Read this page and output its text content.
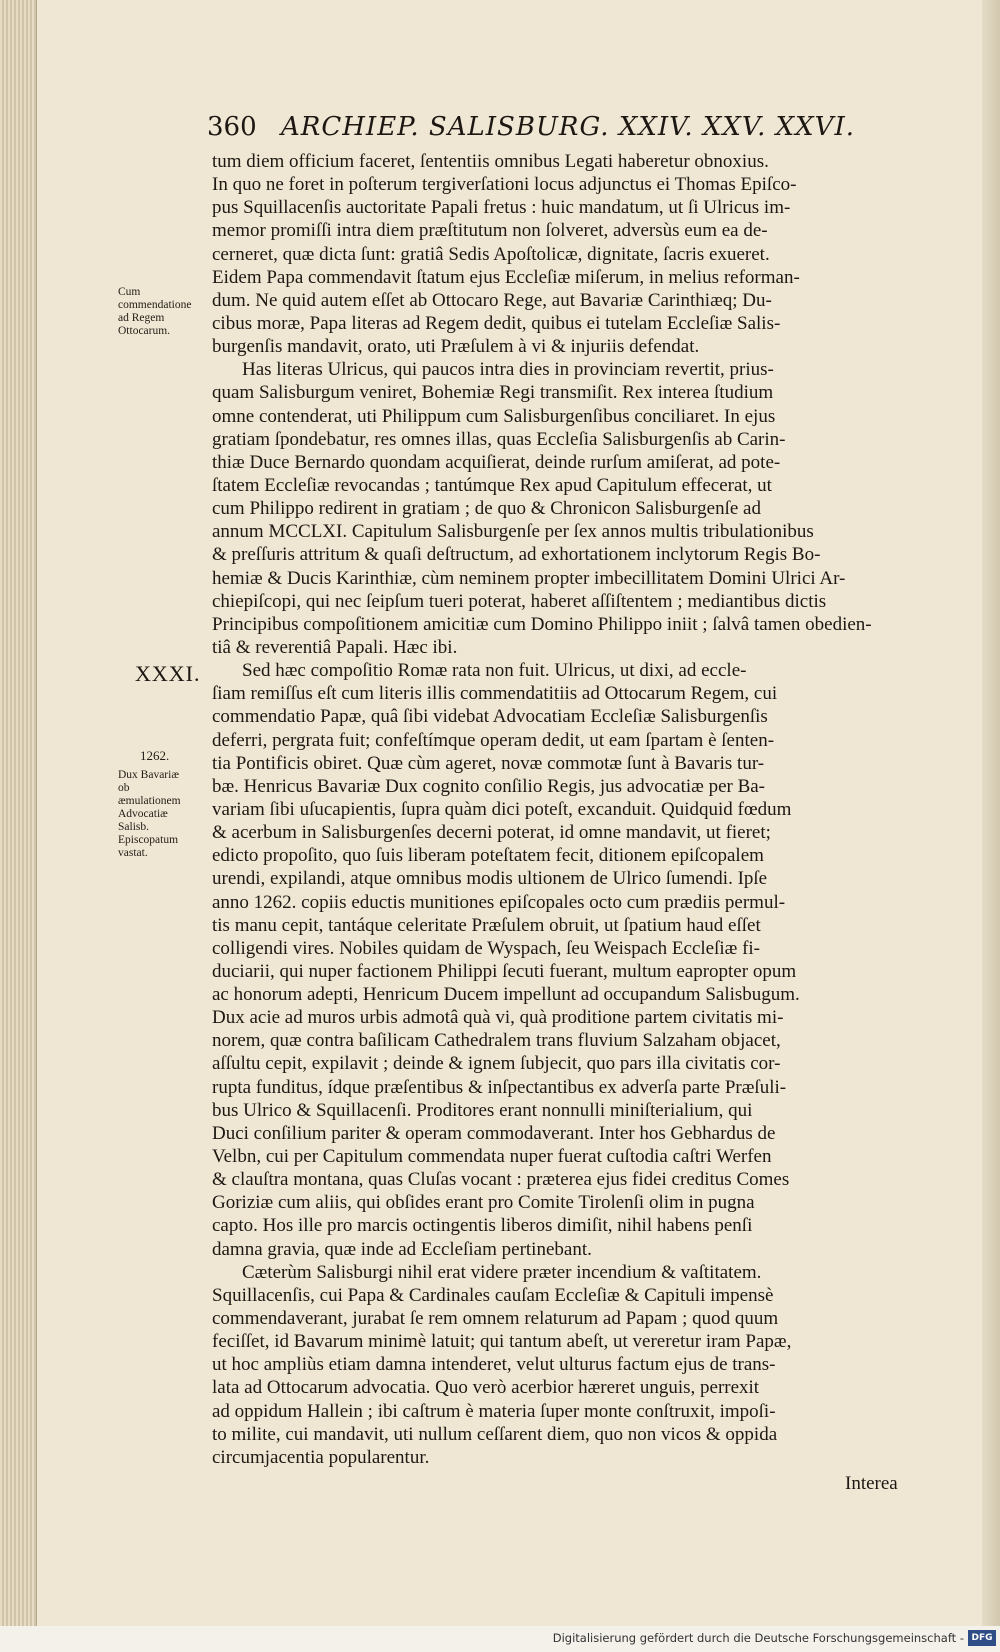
360 ARCHIEP. SALISBURG. XXIV. XXV. XXVI.
Cum commendatione ad Regem Ottocarum.
1262.
Dux Bavariæ ob æmulationem Advocatiæ Salisb. Episcopatum vastat.
XXXI.
tum diem officium faceret, ſententiis omnibus Legati haberetur obnoxius.
In quo ne foret in poſterum tergiverſationi locus adjunctus ei Thomas Epiſco-
pus Squillacenſis auctoritate Papali fretus : huic mandatum, ut ſi Ulricus im-
memor promiſſi intra diem præſtitutum non ſolveret, adversùs eum ea de-
cerneret, quæ dicta ſunt: gratiâ Sedis Apoſtolicæ, dignitate, ſacris exueret.
Eidem Papa commendavit ſtatum ejus Eccleſiæ miſerum, in melius reforman-
dum. Ne quid autem eſſet ab Ottocaro Rege, aut Bavariæ Carinthiæq; Du-
cibus moræ, Papa literas ad Regem dedit, quibus ei tutelam Eccleſiæ Salis-
burgenſis mandavit, orato, uti Præſulem à vi & injuriis defendat.
Has literas Ulricus, qui paucos intra dies in provinciam revertit, prius-
quam Salisburgum veniret, Bohemiæ Regi transmiſit. Rex interea ſtudium
omne contenderat, uti Philippum cum Salisburgenſibus conciliaret. In ejus
gratiam ſpondebatur, res omnes illas, quas Eccleſia Salisburgenſis ab Carin-
thiæ Duce Bernardo quondam acquiſierat, deinde rurſum amiſerat, ad pote-
ſtatem Eccleſiæ revocandas ; tantúmque Rex apud Capitulum effecerat, ut
cum Philippo redirent in gratiam ; de quo & Chronicon Salisburgenſe ad
annum MCCLXI. Capitulum Salisburgenſe per ſex annos multis tribulationibus
& preſſuris attritum & quaſi deſtructum, ad exhortationem inclytorum Regis Bo-
hemiæ & Ducis Karinthiæ, cùm neminem propter imbecillitatem Domini Ulrici Ar-
chiepiſcopi, qui nec ſeipſum tueri poterat, haberet aſſiſtentem ; mediantibus dictis
Principibus compoſitionem amicitiæ cum Domino Philippo iniit ; ſalvâ tamen obedien-
tiâ & reverentiâ Papali. Hæc ibi.
Sed hæc compoſitio Romæ rata non fuit. Ulricus, ut dixi, ad eccle-
ſiam remiſſus eſt cum literis illis commendatitiis ad Ottocarum Regem, cui
commendatio Papæ, quâ ſibi videbat Advocatiam Eccleſiæ Salisburgenſis
deferri, pergrata fuit; confeſtímque operam dedit, ut eam ſpartam è ſenten-
tia Pontificis obiret. Quæ cùm ageret, novæ commotæ ſunt à Bavaris tur-
bæ. Henricus Bavariæ Dux cognito conſilio Regis, jus advocatiæ per Ba-
variam ſibi uſucapientis, ſupra quàm dici poteſt, excanduit. Quidquid fœdum
& acerbum in Salisburgenſes decerni poterat, id omne mandavit, ut fieret;
edicto propoſito, quo ſuis liberam poteſtatem fecit, ditionem epiſcopalem
urendi, expilandi, atque omnibus modis ultionem de Ulrico ſumendi. Ipſe
anno 1262. copiis eductis munitiones epiſcopales octo cum prædiis permul-
tis manu cepit, tantáque celeritate Præſulem obruit, ut ſpatium haud eſſet
colligendi vires. Nobiles quidam de Wyspach, ſeu Weispach Eccleſiæ fi-
duciarii, qui nuper factionem Philippi ſecuti fuerant, multum eapropter opum
ac honorum adepti, Henricum Ducem impellunt ad occupandum Salisbugum.
Dux acie ad muros urbis admotâ quà vi, quà proditione partem civitatis mi-
norem, quæ contra baſilicam Cathedralem trans fluvium Salzaham objacet,
aſſultu cepit, expilavit ; deinde & ignem ſubjecit, quo pars illa civitatis cor-
rupta funditus, ídque præſentibus & inſpectantibus ex adverſa parte Præſuli-
bus Ulrico & Squillacenſi. Proditores erant nonnulli miniſterialium, qui
Duci conſilium pariter & operam commodaverant. Inter hos Gebhardus de
Velbn, cui per Capitulum commendata nuper fuerat cuſtodia caſtri Werfen
& clauſtra montana, quas Cluſas vocant : præterea ejus fidei creditus Comes
Goriziæ cum aliis, qui obſides erant pro Comite Tirolenſi olim in pugna
capto. Hos ille pro marcis octingentis liberos dimiſit, nihil habens penſi
damna gravia, quæ inde ad Eccleſiam pertinebant.
Cæterùm Salisburgi nihil erat videre præter incendium & vaſtitatem.
Squillacenſis, cui Papa & Cardinales cauſam Eccleſiæ & Capituli impensè
commendaverant, jurabat ſe rem omnem relaturum ad Papam ; quod quum
feciſſet, id Bavarum minimè latuit; qui tantum abeſt, ut vereretur iram Papæ,
ut hoc ampliùs etiam damna intenderet, velut ulturus factum ejus de trans-
lata ad Ottocarum advocatia. Quo verò acerbior hæreret unguis, perrexit
ad oppidum Hallein ; ibi caſtrum è materia ſuper monte conſtruxit, impoſi-
to milite, cui mandavit, uti nullum ceſſarent diem, quo non vicos & oppida
circumjacentia popularentur.
Interea
Digitalisierung gefördert durch die Deutsche Forschungsgemeinschaft - DFG
